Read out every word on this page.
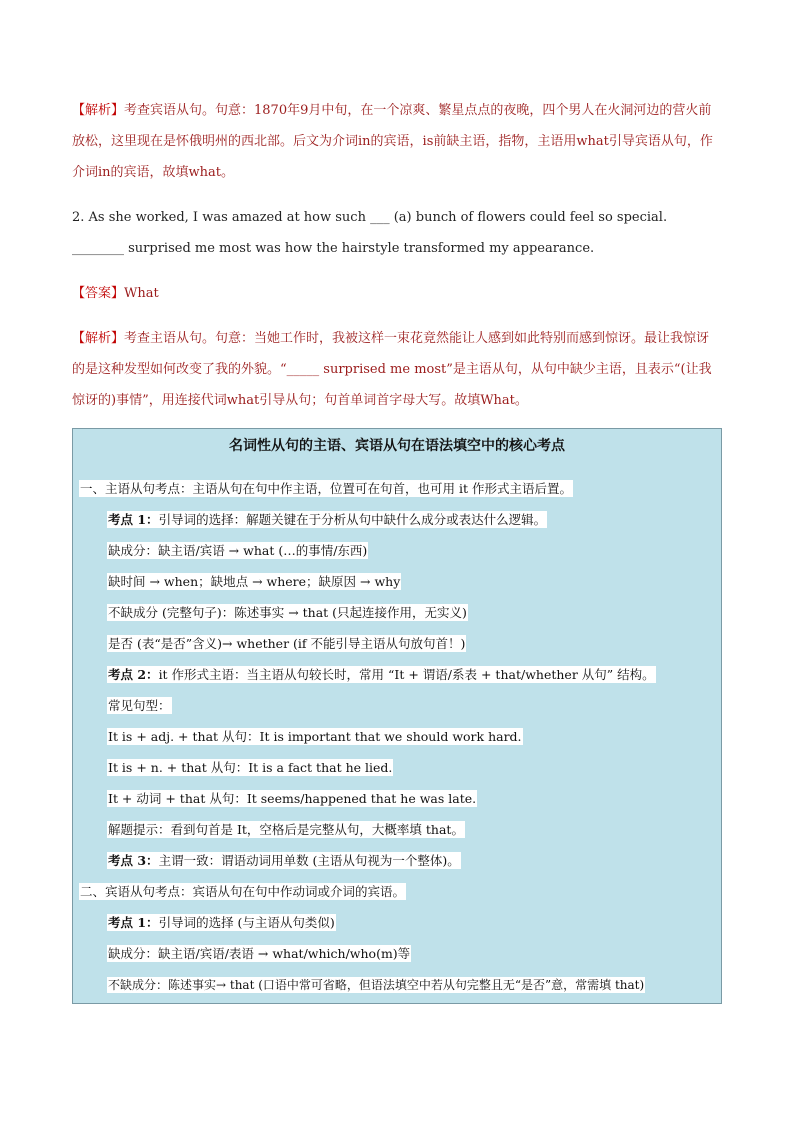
【解析】考查宾语从句。句意：1870年9月中旬，在一个凉爽、繁星点点的夜晚，四个男人在火洞河边的营火前放松，这里现在是怀俄明州的西北部。后文为介词in的宾语，is前缺主语，指物，主语用what引导宾语从句，作介词in的宾语，故填what。
2. As she worked, I was amazed at how such ___ (a) bunch of flowers could feel so special. ________ surprised me most was how the hairstyle transformed my appearance.
【答案】What
【解析】考查主语从句。句意：当她工作时，我被这样一束花竟然能让人感到如此特别而感到惊讶。最让我惊讶的是这种发型如何改变了我的外貌。“_____ surprised me most”是主语从句，从句中缺少主语，且表示“(让我惊讶的)事情”，用连接代词what引导从句；句首单词首字母大写。故填What。
名词性从句的主语、宾语从句在语法填空中的核心考点
一、主语从句考点：主语从句在句中作主语，位置可在句首，也可用 it 作形式主语后置。
考点 1：引导词的选择：解题关键在于分析从句中缺什么成分或表达什么逻辑。
缺成分：缺主语/宾语 → what (…的事情/东西)
缺时间 → when；缺地点 → where；缺原因 → why
不缺成分 (完整句子)：陈述事实 → that (只起连接作用，无实义)
是否 (表“是否”含义)→ whether (if 不能引导主语从句放句首！)
考点 2：it 作形式主语：当主语从句较长时，常用 “It + 谓语/系表 + that/whether 从句” 结构。
常见句型：
It is + adj. + that 从句：It is important that we should work hard.
It is + n. + that 从句：It is a fact that he lied.
It + 动词 + that 从句：It seems/happened that he was late.
解题提示：看到句首是 It，空格后是完整从句，大概率填 that。
考点 3：主谓一致：谓语动词用单数 (主语从句视为一个整体)。
二、宾语从句考点：宾语从句在句中作动词或介词的宾语。
考点 1：引导词的选择 (与主语从句类似)
缺成分：缺主语/宾语/表语 → what/which/who(m)等
不缺成分：陈述事实→ that (口语中常可省略，但语法填空中若从句完整且无“是否”意，常需填 that)
